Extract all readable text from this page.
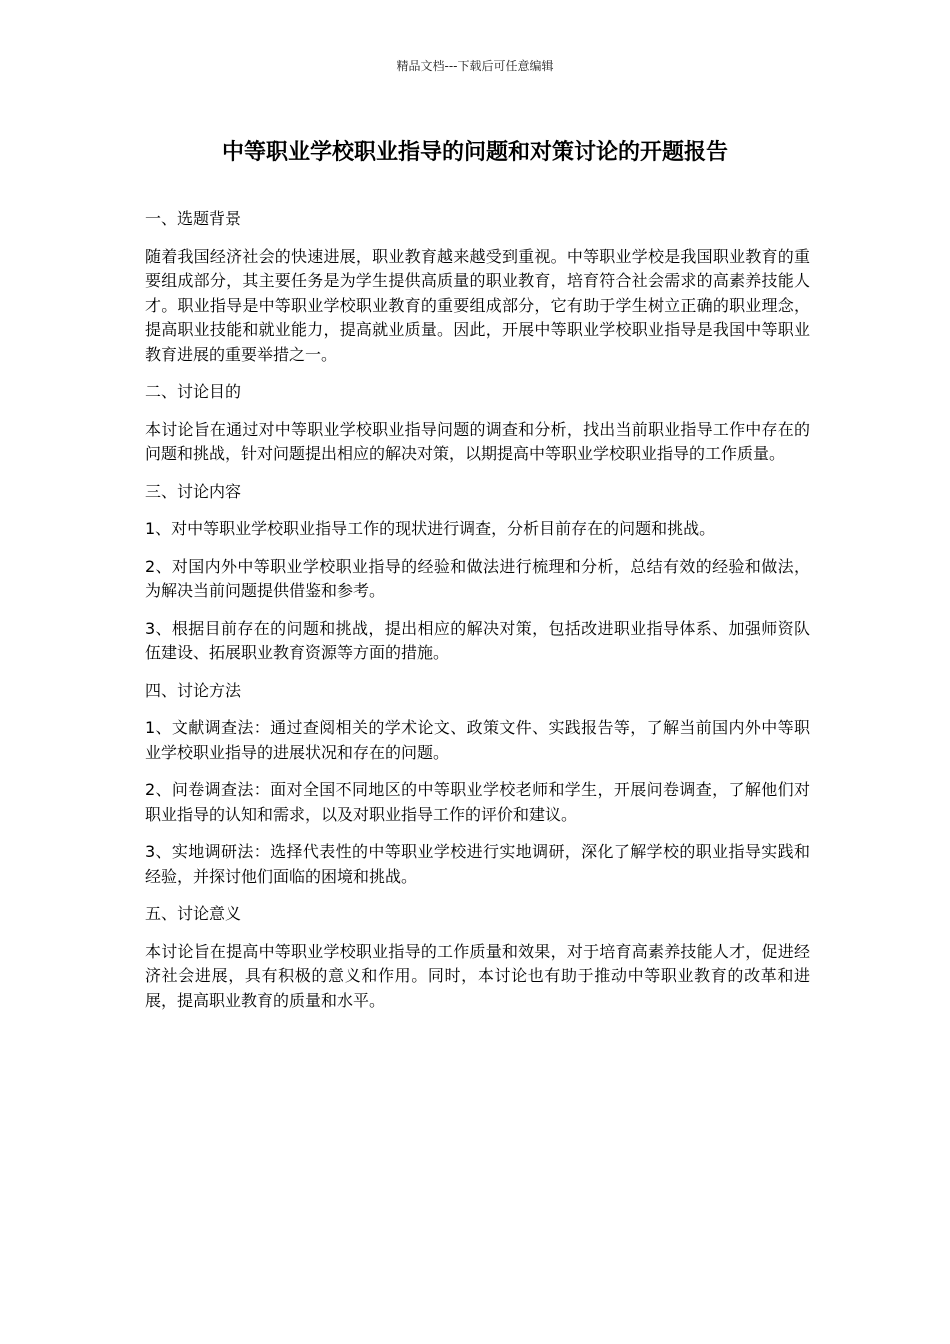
精品文档---下载后可任意编辑
中等职业学校职业指导的问题和对策讨论的开题报告

一、选题背景

随着我国经济社会的快速进展，职业教育越来越受到重视。中等职业学校是我国职业教育的重要组成部分，其主要任务是为学生提供高质量的职业教育，培育符合社会需求的高素养技能人才。职业指导是中等职业学校职业教育的重要组成部分，它有助于学生树立正确的职业理念，提高职业技能和就业能力，提高就业质量。因此，开展中等职业学校职业指导是我国中等职业教育进展的重要举措之一。

二、讨论目的

本讨论旨在通过对中等职业学校职业指导问题的调查和分析，找出当前职业指导工作中存在的问题和挑战，针对问题提出相应的解决对策，以期提高中等职业学校职业指导的工作质量。

三、讨论内容

1、对中等职业学校职业指导工作的现状进行调查，分析目前存在的问题和挑战。

2、对国内外中等职业学校职业指导的经验和做法进行梳理和分析，总结有效的经验和做法，为解决当前问题提供借鉴和参考。

3、根据目前存在的问题和挑战，提出相应的解决对策，包括改进职业指导体系、加强师资队伍建设、拓展职业教育资源等方面的措施。

四、讨论方法

1、文献调查法：通过查阅相关的学术论文、政策文件、实践报告等，了解当前国内外中等职业学校职业指导的进展状况和存在的问题。

2、问卷调查法：面对全国不同地区的中等职业学校老师和学生，开展问卷调查，了解他们对职业指导的认知和需求，以及对职业指导工作的评价和建议。

3、实地调研法：选择代表性的中等职业学校进行实地调研，深化了解学校的职业指导实践和经验，并探讨他们面临的困境和挑战。

五、讨论意义

本讨论旨在提高中等职业学校职业指导的工作质量和效果，对于培育高素养技能人才，促进经济社会进展，具有积极的意义和作用。同时，本讨论也有助于推动中等职业教育的改革和进展，提高职业教育的质量和水平。
